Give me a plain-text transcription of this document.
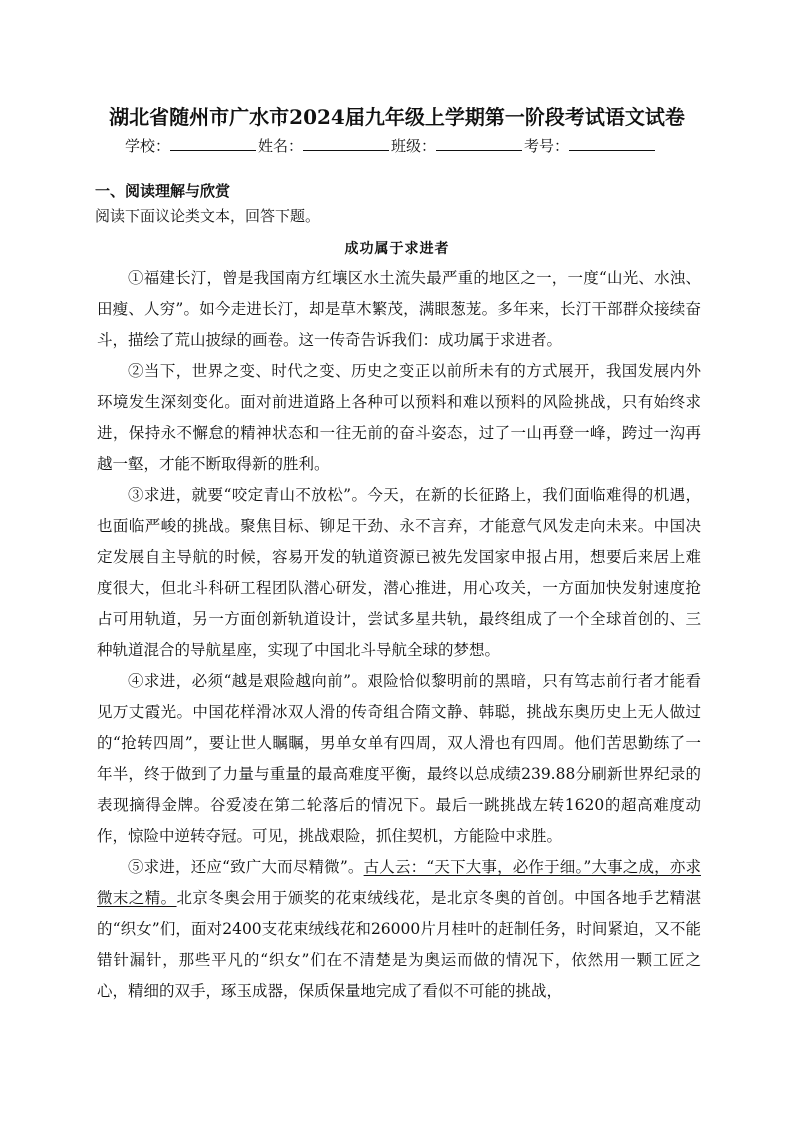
湖北省随州市广水市2024届九年级上学期第一阶段考试语文试卷
学校：	姓名：	班级：	考号：
一、阅读理解与欣赏
阅读下面议论类文本，回答下题。
成功属于求进者

①福建长汀，曾是我国南方红壤区水土流失最严重的地区之一，一度“山光、水浊、田瘦、人穷”。如今走进长汀，却是草木繁茂，满眼葱茏。多年来，长汀干部群众接续奋斗，描绘了荒山披绿的画卷。这一传奇告诉我们：成功属于求进者。

②当下，世界之变、时代之变、历史之变正以前所未有的方式展开，我国发展内外环境发生深刻变化。面对前进道路上各种可以预料和难以预料的风险挑战，只有始终求进，保持永不懈怠的精神状态和一往无前的奋斗姿态，过了一山再登一峰，跨过一沟再越一壑，才能不断取得新的胜利。

③求进，就要“咬定青山不放松”。今天，在新的长征路上，我们面临难得的机遇，也面临严峻的挑战。聚焦目标、铆足干劲、永不言弃，才能意气风发走向未来。中国决定发展自主导航的时候，容易开发的轨道资源已被先发国家申报占用，想要后来居上难度很大，但北斗科研工程团队潜心研发，潜心推进，用心攻关，一方面加快发射速度抢占可用轨道，另一方面创新轨道设计，尝试多星共轨，最终组成了一个全球首创的、三种轨道混合的导航星座，实现了中国北斗导航全球的梦想。

④求进，必须“越是艰险越向前”。艰险恰似黎明前的黑暗，只有笃志前行者才能看见万丈霞光。中国花样滑冰双人滑的传奇组合隋文静、韩聪，挑战东奥历史上无人做过的“抢转四周”，要让世人瞩瞩，男单女单有四周，双人滑也有四周。他们苦思勤练了一年半，终于做到了力量与重量的最高难度平衡，最终以总成绩239.88分刷新世界纪录的表现摘得金牌。谷爱凌在第二轮落后的情况下。最后一跳挑战左转1620的超高难度动作，惊险中逆转夺冠。可见，挑战艰险，抓住契机，方能险中求胜。

⑤求进，还应“致广大而尽精微”。古人云：“天下大事，必作于细。”大事之成，亦求微末之精。北京冬奥会用于颁奖的花束绒线花，是北京冬奥的首创。中国各地手艺精湛的“织女”们，面对2400支花束绒线花和26000片月桂叶的赶制任务，时间紧迫，又不能错针漏针，那些平凡的“织女”们在不清楚是为奥运而做的情况下，依然用一颗工匠之心，精细的双手，琢玉成器，保质保量地完成了看似不可能的挑战，
